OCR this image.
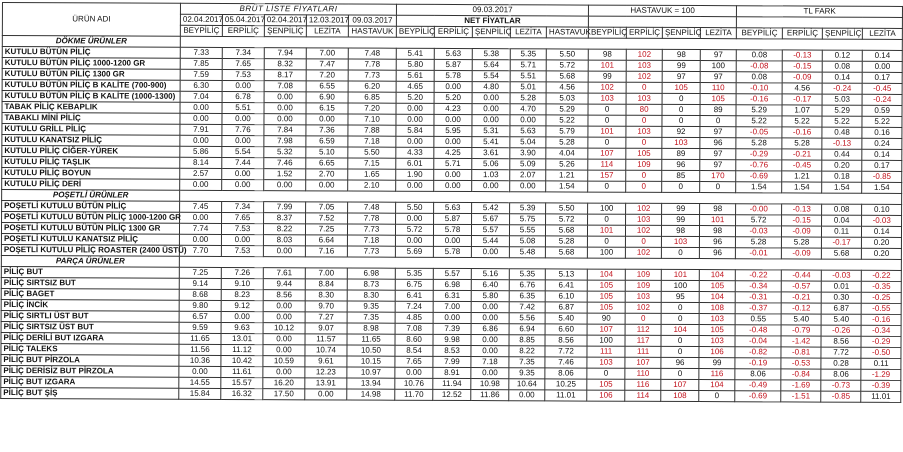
ÜRÜN ADI	BRÜT LİSTE FİYATLARI					09.03.2017					HASTAVUK = 100				TL FARK			
	02.04.2017	05.04.2017	02.04.2017	12.03.2017	09.03.2017	NET FİYATLAR												
	BEYPİLİÇ	ERPİLİÇ	ŞENPİLİÇ	LEZİTA	HASTAVUK	BEYPİLİÇ	ERPİLİÇ	ŞENPİLİÇ	LEZİTA	HASTAVUK	BEYPİLİÇ	ERPİLİÇ	ŞENPİLİÇ	LEZİTA	BEYPİLİÇ	ERPİLİÇ	ŞENPİLİÇ	LEZİTA
DÖKME ÜRÜNLER																		
KUTULU BÜTÜN PİLİÇ	7.33	7.34	7.94	7.00	7.48	5.41	5.63	5.38	5.35	5.50	98	102	98	97	0.08	-0.13	0.12	0.14
KUTULU BÜTÜN PİLİÇ 1000-1200 GR	7.85	7.65	8.32	7.47	7.78	5.80	5.87	5.64	5.71	5.72	101	103	99	100	-0.08	-0.15	0.08	0.00
KUTULU BÜTÜN PİLİÇ 1300 GR	7.59	7.53	8.17	7.20	7.73	5.61	5.78	5.54	5.51	5.68	99	102	97	97	0.08	-0.09	0.14	0.17
KUTULU BÜTÜN PİLİÇ B KALİTE (700-900)	6.30	0.00	7.08	6.55	6.20	4.65	0.00	4.80	5.01	4.56	102	0	105	110	-0.10	4.56	-0.24	-0.45
KUTULU BÜTÜN PİLİÇ B KALİTE (1000-1300)	7.04	6.78	0.00	6.90	6.85	5.20	5.20	0.00	5.28	5.03	103	103	0	105	-0.16	-0.17	5.03	-0.24
TABAK PİLİÇ KEBAPLIK	0.00	5.51	0.00	6.15	7.20	0.00	4.23	0.00	4.70	5.29	0	80	0	89	5.29	1.07	5.29	0.59
TABAKLI MİNİ PİLİÇ	0.00	0.00	0.00	0.00	7.10	0.00	0.00	0.00	0.00	5.22	0	0	0	0	5.22	5.22	5.22	5.22
KUTULU GRİLL PİLİÇ	7.91	7.76	7.84	7.36	7.88	5.84	5.95	5.31	5.63	5.79	101	103	92	97	-0.05	-0.16	0.48	0.16
KUTULU KANATSIZ PİLİÇ	0.00	0.00	7.98	6.59	7.18	0.00	0.00	5.41	5.04	5.28	0	0	103	96	5.28	5.28	-0.13	0.24
KUTULU PİLİÇ CİĞER-YÜREK	5.86	5.54	5.32	5.10	5.50	4.33	4.25	3.61	3.90	4.04	107	105	89	97	-0.29	-0.21	0.44	0.14
KUTULU PİLİÇ TAŞLIK	8.14	7.44	7.46	6.65	7.15	6.01	5.71	5.06	5.09	5.26	114	109	96	97	-0.76	-0.45	0.20	0.17
KUTULU PİLİÇ BOYUN	2.57	0.00	1.52	2.70	1.65	1.90	0.00	1.03	2.07	1.21	157	0	85	170	-0.69	1.21	0.18	-0.85
KUTULU PİLİÇ DERİ	0.00	0.00	0.00	0.00	2.10	0.00	0.00	0.00	0.00	1.54	0	0	0	0	1.54	1.54	1.54	1.54
POŞETLİ ÜRÜNLER																		
POŞETLİ KUTULU BÜTÜN PİLİÇ	7.45	7.34	7.99	7.05	7.48	5.50	5.63	5.42	5.39	5.50	100	102	99	98	-0.00	-0.13	0.08	0.10
POŞETLİ KUTULU BÜTÜN PİLİÇ 1000-1200 GR	0.00	7.65	8.37	7.52	7.78	0.00	5.87	5.67	5.75	5.72	0	103	99	101	5.72	-0.15	0.04	-0.03
POŞETLİ KUTULU BÜTÜN PİLİÇ 1300 GR	7.74	7.53	8.22	7.25	7.73	5.72	5.78	5.57	5.55	5.68	101	102	98	98	-0.03	-0.09	0.11	0.14
POŞETLİ KUTULU KANATSIZ PİLİÇ	0.00	0.00	8.03	6.64	7.18	0.00	0.00	5.44	5.08	5.28	0	0	103	96	5.28	5.28	-0.17	0.20
POŞETLİ KUTULU PİLİÇ ROASTER (2400 ÜSTÜ)	7.70	7.53	0.00	7.16	7.73	5.69	5.78	0.00	5.48	5.68	100	102	0	96	-0.01	-0.09	5.68	0.20
PARÇA ÜRÜNLER																		
PİLİÇ BUT	7.25	7.26	7.61	7.00	6.98	5.35	5.57	5.16	5.35	5.13	104	109	101	104	-0.22	-0.44	-0.03	-0.22
PİLİÇ SIRTSIZ BUT	9.14	9.10	9.44	8.84	8.73	6.75	6.98	6.40	6.76	6.41	105	109	100	105	-0.34	-0.57	0.01	-0.35
PİLİÇ BAGET	8.68	8.23	8.56	8.30	8.30	6.41	6.31	5.80	6.35	6.10	105	103	95	104	-0.31	-0.21	0.30	-0.25
PİLİÇ İNCİK	9.80	9.12	0.00	9.70	9.35	7.24	7.00	0.00	7.42	6.87	105	102	0	108	-0.37	-0.12	6.87	-0.55
PİLİÇ SIRTLI ÜST BUT	6.57	0.00	0.00	7.27	7.35	4.85	0.00	0.00	5.56	5.40	90	0	0	103	0.55	5.40	5.40	-0.16
PİLİÇ SIRTSIZ ÜST BUT	9.59	9.63	10.12	9.07	8.98	7.08	7.39	6.86	6.94	6.60	107	112	104	105	-0.48	-0.79	-0.26	-0.34
PİLİÇ DERİLİ BUT IZGARA	11.65	13.01	0.00	11.57	11.65	8.60	9.98	0.00	8.85	8.56	100	117	0	103	-0.04	-1.42	8.56	-0.29
PİLİÇ TALEKS	11.56	11.12	0.00	10.74	10.50	8.54	8.53	0.00	8.22	7.72	111	111	0	106	-0.82	-0.81	7.72	-0.50
PİLİÇ BUT PİRZOLA	10.36	10.42	10.59	9.61	10.15	7.65	7.99	7.18	7.35	7.46	103	107	96	99	-0.19	-0.53	0.28	0.11
PİLİÇ DERİSİZ BUT PİRZOLA	0.00	11.61	0.00	12.23	10.97	0.00	8.91	0.00	9.35	8.06	0	110	0	116	8.06	-0.84	8.06	-1.29
PİLİÇ BUT IZGARA	14.55	15.57	16.20	13.91	13.94	10.76	11.94	10.98	10.64	10.25	105	116	107	104	-0.49	-1.69	-0.73	-0.39
PİLİÇ BUT ŞİŞ	15.84	16.32	17.50	0.00	14.98	11.70	12.52	11.86	0.00	11.01	106	114	108	0	-0.69	-1.51	-0.85	11.01
